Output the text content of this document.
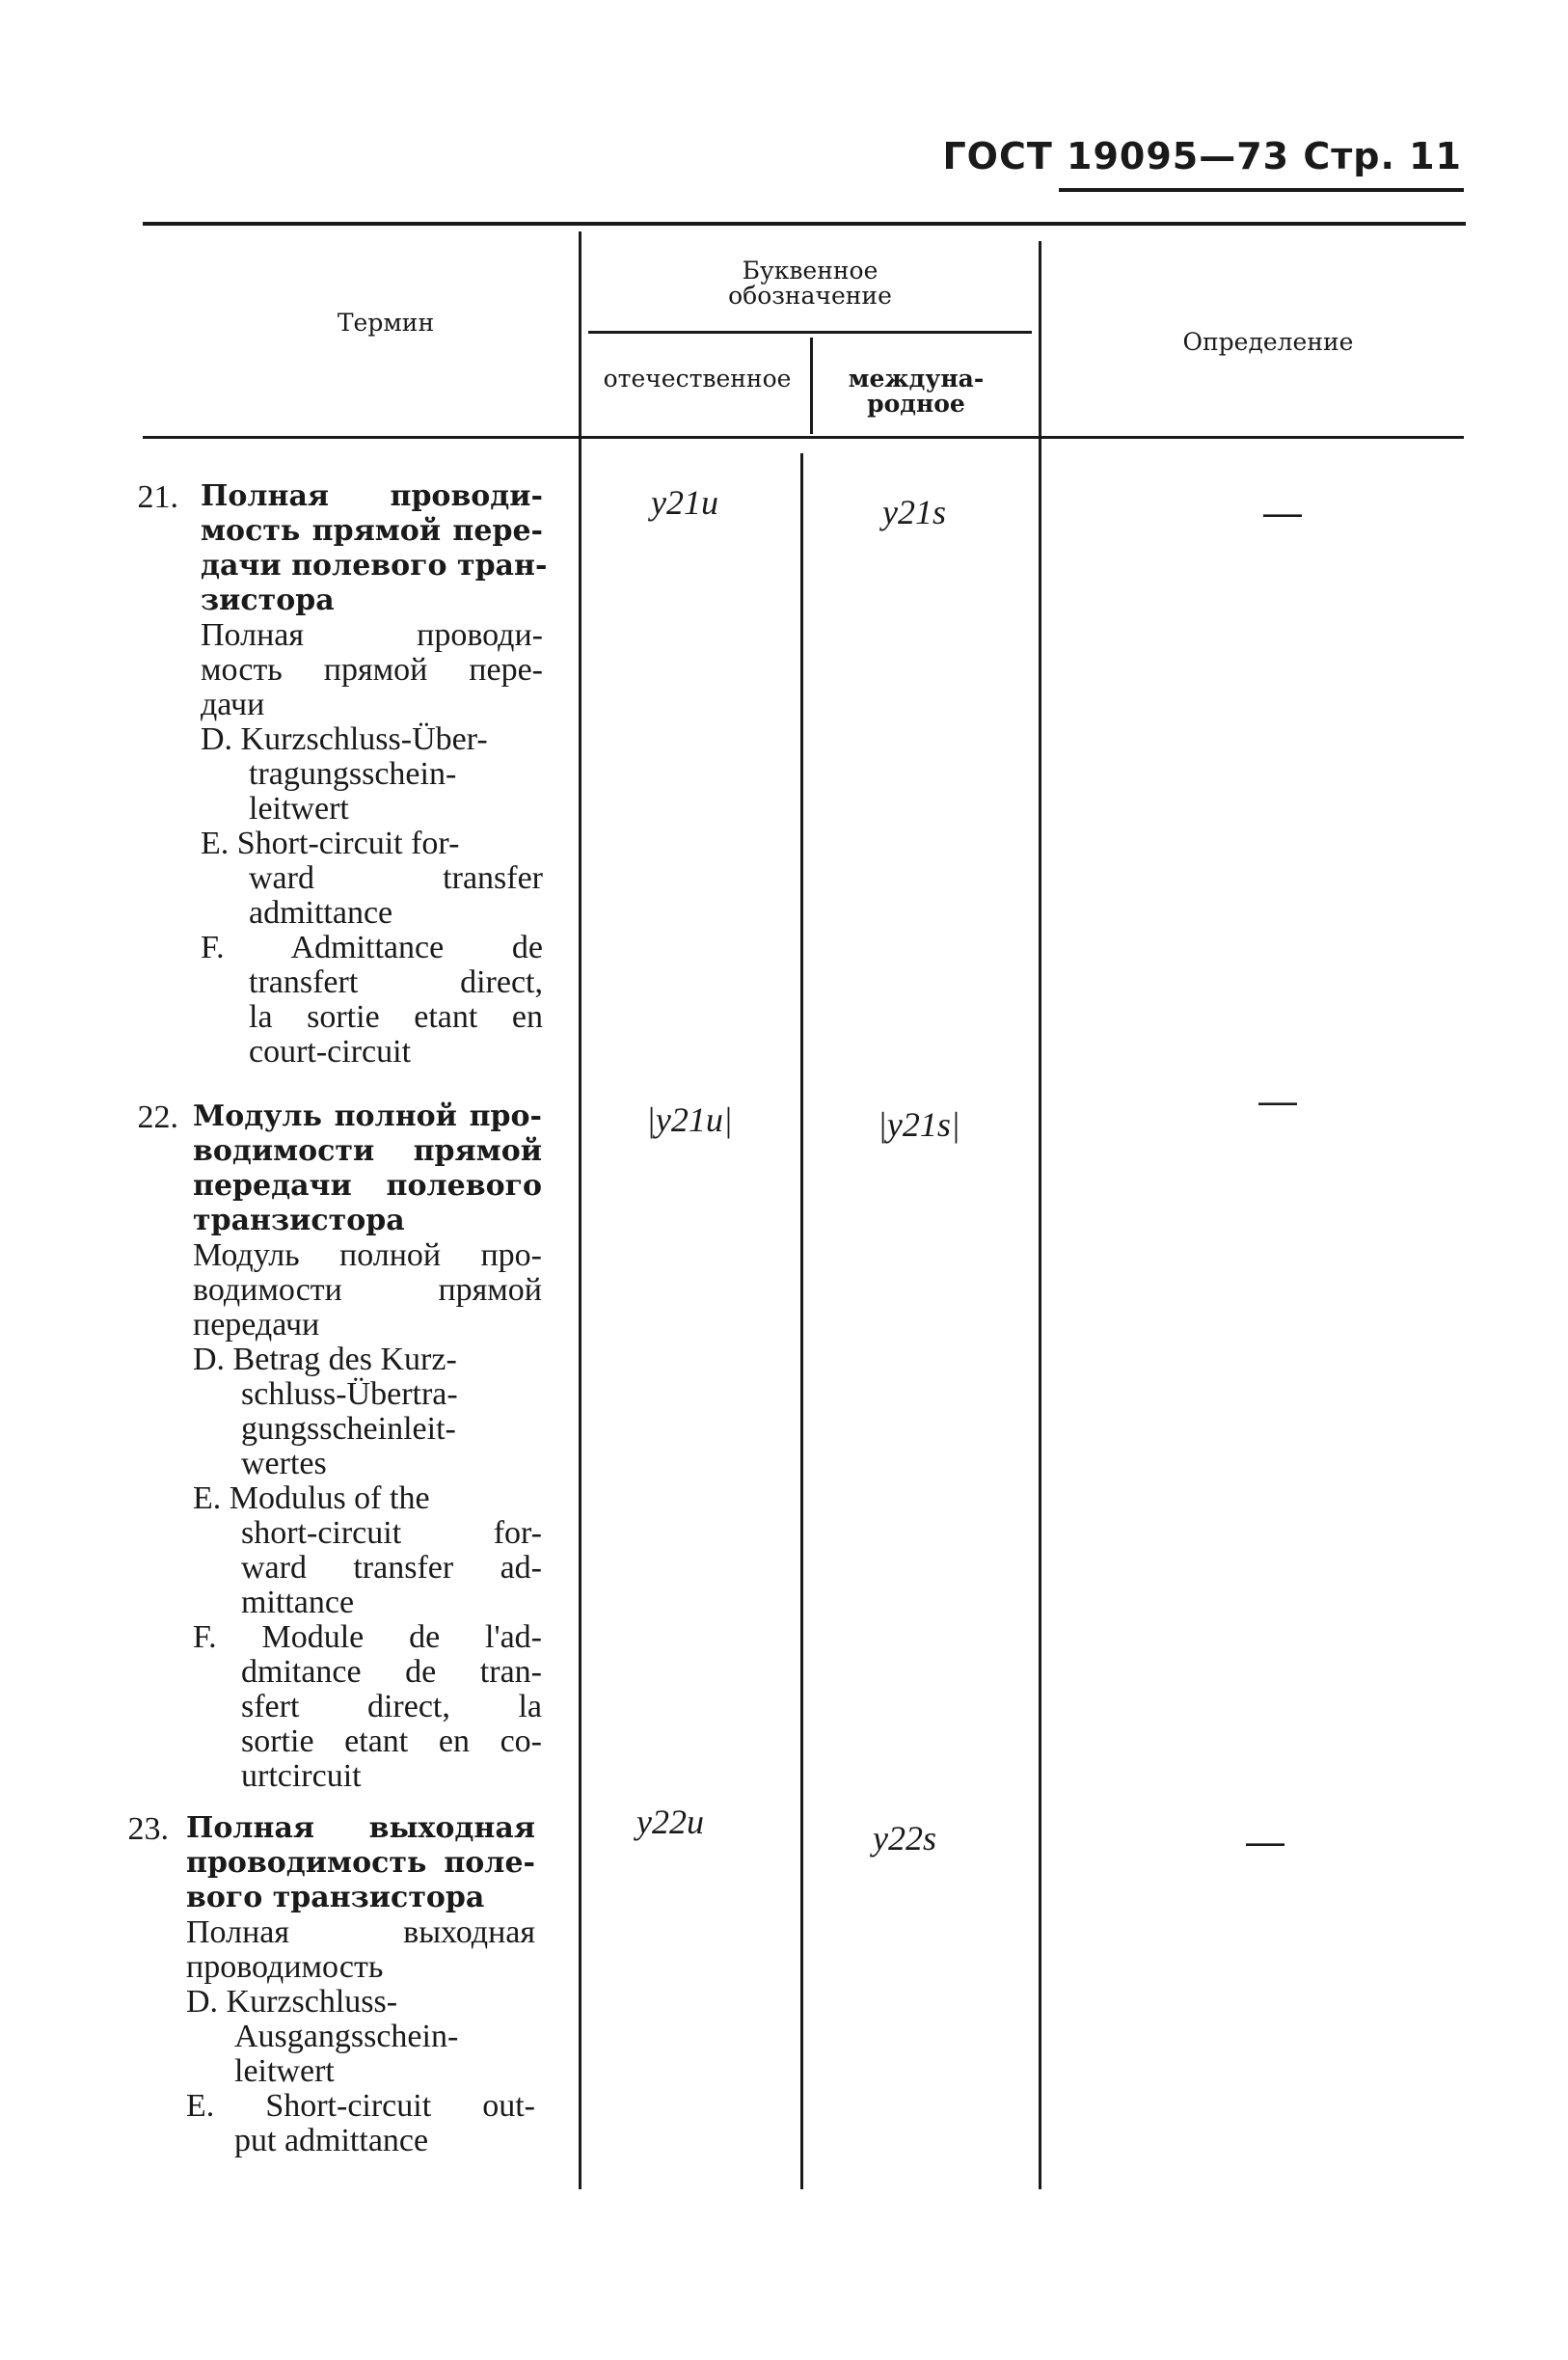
ГОСТ 19095—73 Стр. 11
Термин
Буквенное обозначение
отечественное	междуна-родное
Определение
21. Полная проводи-
мость прямой пере-
дачи полевого тран-
зистора
Полная проводи-
мость прямой пере-
дачи
D. Kurzschluss-Über-
tragungsschein-
leitwert
E. Short-circuit for-
ward transfer
admittance
F. Admittance de
transfert direct,
la sortie etant en
court-circuit
y21и	y21s	—
22. Модуль полной про-
водимости прямой
передачи полевого
транзистора
Модуль полной про-
водимости прямой
передачи
D. Betrag des Kurz-
schluss-Übertra-
gungsscheinleit-
wertes
E. Modulus of the
short-circuit for-
ward transfer ad-
mittance
F. Module de l'ad-
dmitance de tran-
sfert direct, la
sortie etant en co-
urtcircuit
|y21и|	|y21s|
—
23. Полная выходная
проводимость поле-
вого транзистора
Полная выходная
проводимость
D. Kurzschluss-
Ausgangsschein-
leitwert
E. Short-circuit out-
put admittance
y22и	y22s	—
